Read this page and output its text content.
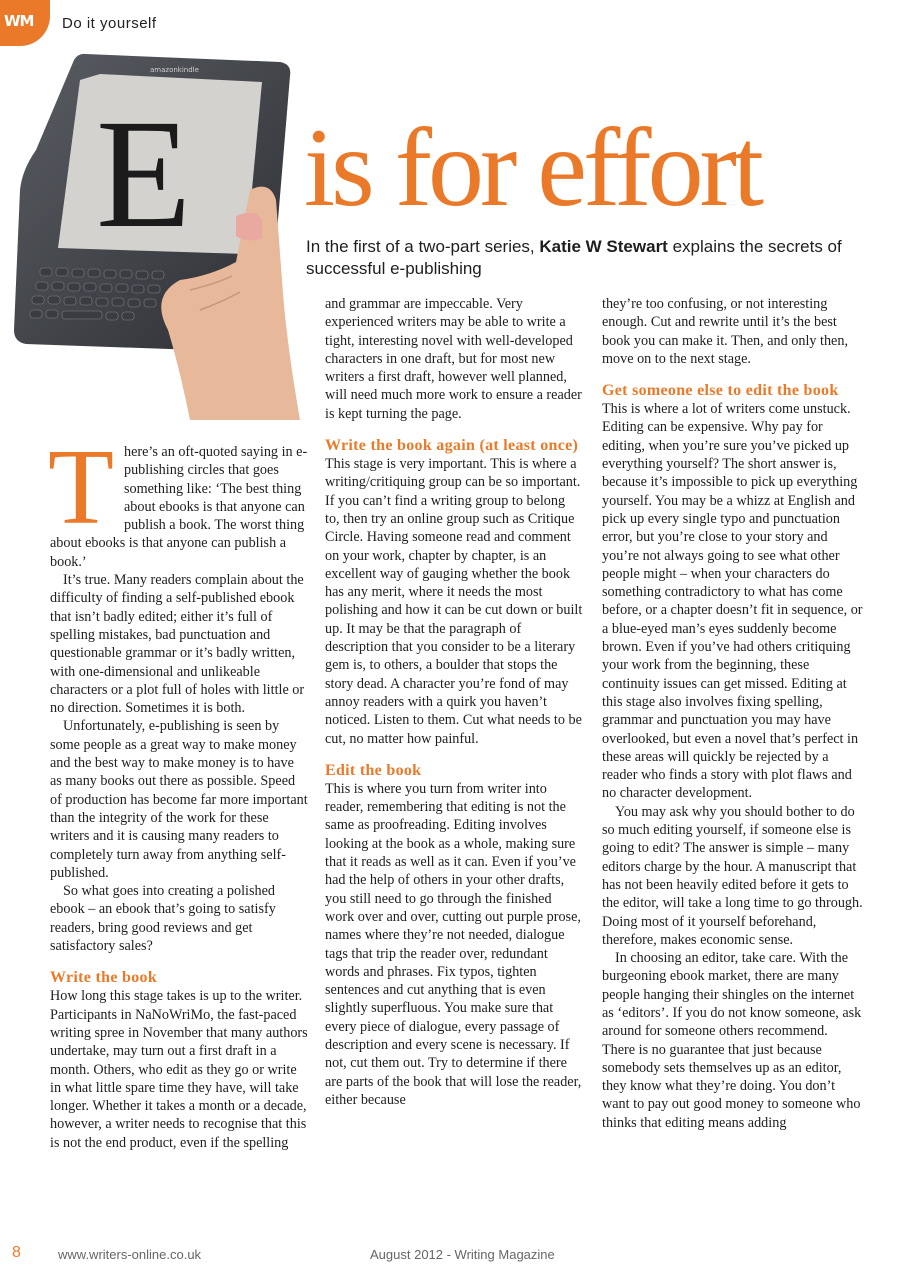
WM Do it yourself
amazonkindle
E is for effort
In the first of a two-part series, Katie W Stewart explains the secrets of successful e-publishing
T here’s an oft-quoted saying in e-publishing circles that goes something like: ‘The best thing about ebooks is that anyone can publish a book. The worst thing about ebooks is that anyone can publish a book.’

It’s true. Many readers complain about the difficulty of finding a self-published ebook that isn’t badly edited; either it’s full of spelling mistakes, bad punctuation and questionable grammar or it’s badly written, with one-dimensional and unlikeable characters or a plot full of holes with little or no direction. Sometimes it is both.

Unfortunately, e-publishing is seen by some people as a great way to make money and the best way to make money is to have as many books out there as possible. Speed of production has become far more important than the integrity of the work for these writers and it is causing many readers to completely turn away from anything self-published.

So what goes into creating a polished ebook – an ebook that’s going to satisfy readers, bring good reviews and get satisfactory sales?

Write the book

How long this stage takes is up to the writer. Participants in NaNoWriMo, the fast-paced writing spree in November that many authors undertake, may turn out a first draft in a month. Others, who edit as they go or write in what little spare time they have, will take longer. Whether it takes a month or a decade, however, a writer needs to recognise that this is not the end product, even if the spelling

and grammar are impeccable. Very experienced writers may be able to write a tight, interesting novel with well-developed characters in one draft, but for most new writers a first draft, however well planned, will need much more work to ensure a reader is kept turning the page.

Write the book again (at least once)

This stage is very important. This is where a writing/critiquing group can be so important. If you can’t find a writing group to belong to, then try an online group such as Critique Circle. Having someone read and comment on your work, chapter by chapter, is an excellent way of gauging whether the book has any merit, where it needs the most polishing and how it can be cut down or built up. It may be that the paragraph of description that you consider to be a literary gem is, to others, a boulder that stops the story dead. A character you’re fond of may annoy readers with a quirk you haven’t noticed. Listen to them. Cut what needs to be cut, no matter how painful.

Edit the book

This is where you turn from writer into reader, remembering that editing is not the same as proofreading. Editing involves looking at the book as a whole, making sure that it reads as well as it can. Even if you’ve had the help of others in your other drafts, you still need to go through the finished work over and over, cutting out purple prose, names where they’re not needed, dialogue tags that trip the reader over, redundant words and phrases. Fix typos, tighten sentences and cut anything that is even slightly superfluous. You make sure that every piece of dialogue, every passage of description and every scene is necessary. If not, cut them out. Try to determine if there are parts of the book that will lose the reader, either because

they’re too confusing, or not interesting enough. Cut and rewrite until it’s the best book you can make it. Then, and only then, move on to the next stage.

Get someone else to edit the book

This is where a lot of writers come unstuck. Editing can be expensive. Why pay for editing, when you’re sure you’ve picked up everything yourself? The short answer is, because it’s impossible to pick up everything yourself. You may be a whizz at English and pick up every single typo and punctuation error, but you’re close to your story and you’re not always going to see what other people might – when your characters do something contradictory to what has come before, or a chapter doesn’t fit in sequence, or a blue-eyed man’s eyes suddenly become brown. Even if you’ve had others critiquing your work from the beginning, these continuity issues can get missed. Editing at this stage also involves fixing spelling, grammar and punctuation you may have overlooked, but even a novel that’s perfect in these areas will quickly be rejected by a reader who finds a story with plot flaws and no character development.

You may ask why you should bother to do so much editing yourself, if someone else is going to edit? The answer is simple – many editors charge by the hour. A manuscript that has not been heavily edited before it gets to the editor, will take a long time to go through. Doing most of it yourself beforehand, therefore, makes economic sense.

In choosing an editor, take care. With the burgeoning ebook market, there are many people hanging their shingles on the internet as ‘editors’. If you do not know someone, ask around for someone others recommend. There is no guarantee that just because somebody sets themselves up as an editor, they know what they’re doing. You don’t want to pay out good money to someone who thinks that editing means adding

8	www.writers-online.co.uk	August 2012 - Writing Magazine
